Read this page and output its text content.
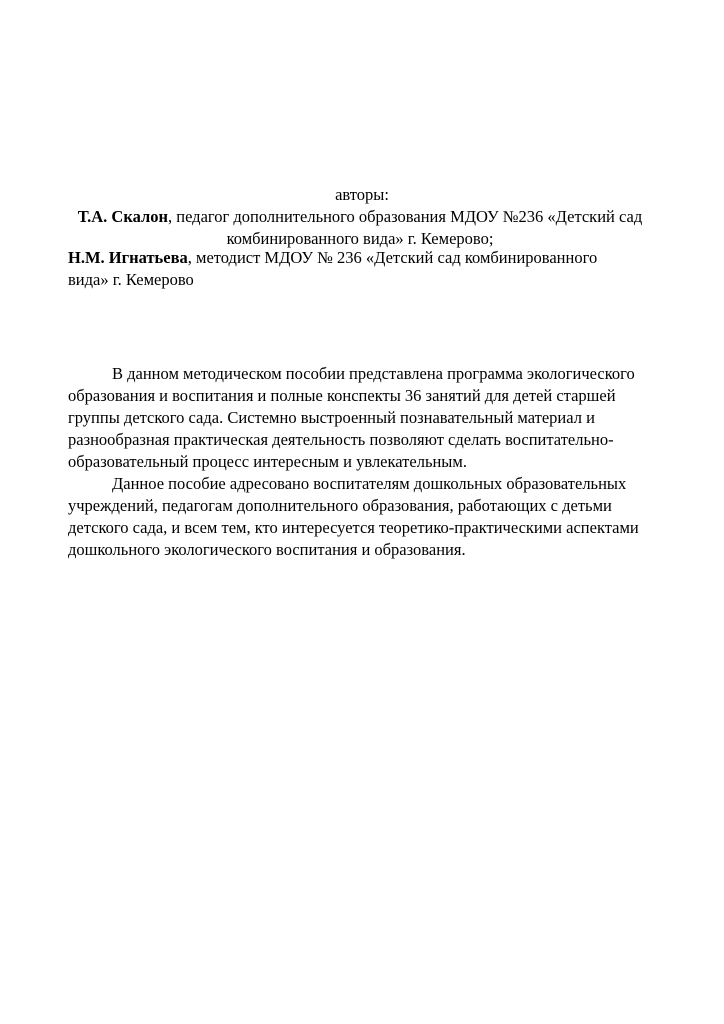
авторы:
Т.А. Скалон, педагог дополнительного образования МДОУ №236 «Детский сад комбинированного вида» г. Кемерово;
Н.М. Игнатьева, методист МДОУ № 236 «Детский сад комбинированного вида» г. Кемерово

В данном методическом пособии представлена программа экологического образования и воспитания и полные конспекты 36 занятий для детей старшей группы детского сада. Системно выстроенный познавательный материал и разнообразная практическая деятельность позволяют сделать воспитательно-образовательный процесс интересным и увлекательным.

Данное пособие адресовано воспитателям дошкольных образовательных учреждений, педагогам дополнительного образования, работающих с детьми детского сада, и всем тем, кто интересуется теоретико-практическими аспектами дошкольного экологического воспитания и образования.
